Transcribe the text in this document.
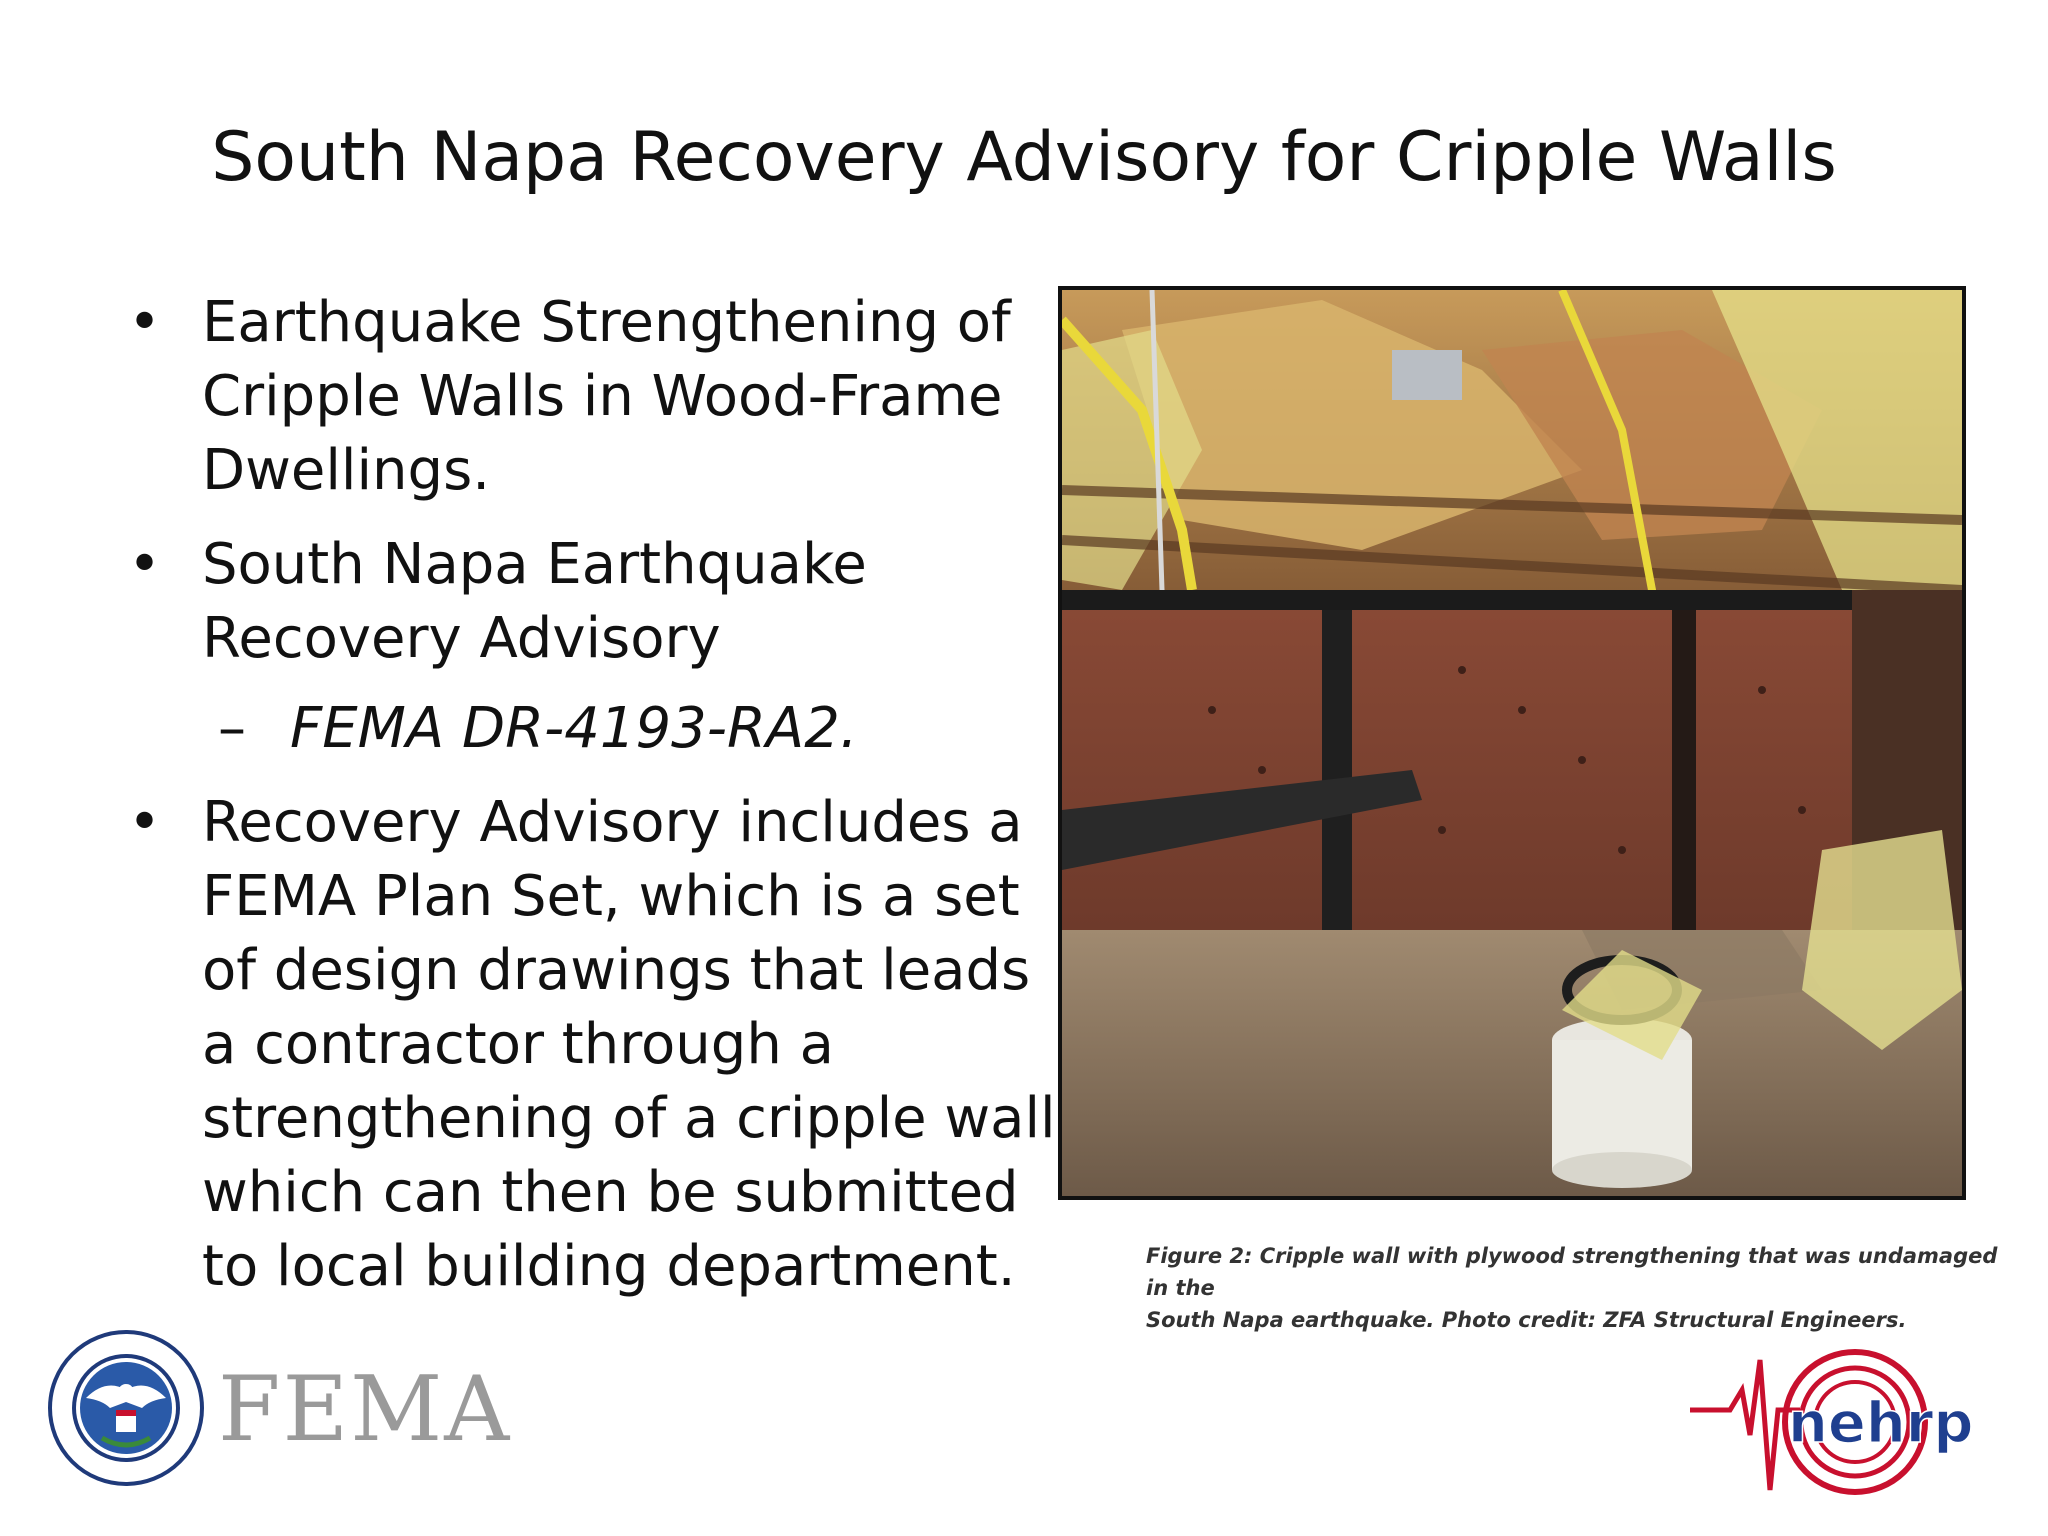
South Napa Recovery Advisory for Cripple Walls
• Earthquake Strengthening of Cripple Walls in Wood-Frame Dwellings.
• South Napa Earthquake Recovery Advisory
– FEMA DR-4193-RA2.
• Recovery Advisory includes a FEMA Plan Set, which is a set of design drawings that leads a contractor through a strengthening of a cripple wall which can then be submitted to local building department.	Figure 2: Cripple wall with plywood strengthening that was undamaged in the
South Napa earthquake. Photo credit: ZFA Structural Engineers.
FEMA	nehrp
